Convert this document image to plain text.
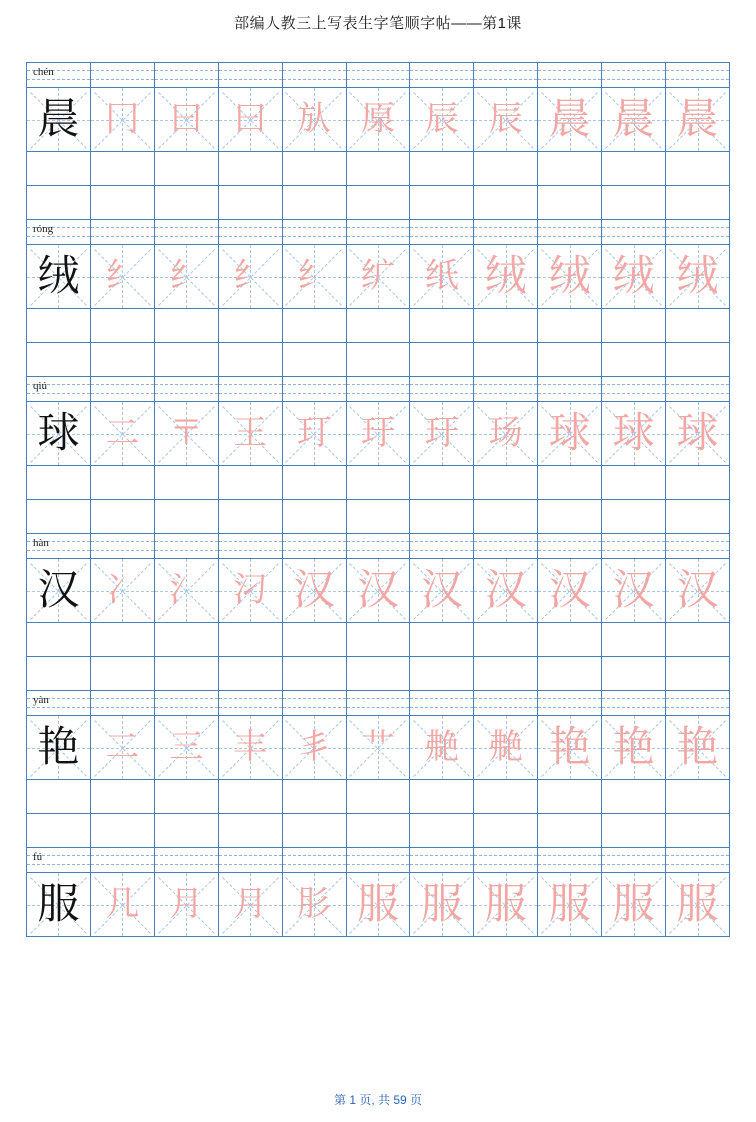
部编人教三上写表生字笔顺字帖——第1课
chén
晨 冂 曰 曰 㫃 厡 辰 辰 晨 晨 晨
róng
绒 纟 纟 纟 纟 纩 纸 绒 绒 绒 绒
qiú
球 二 〒 王 玎 玗 玗 玚 球 球 球
hàn
汉 冫 氵 汈 汉 汉 汉 汉 汉 汉 汉
yàn
艳 二 三 丰 丯 艹 艴 艴 艳 艳 艳
fú
服 几 月 月 肜 服 服 服 服 服 服
第 1 页, 共 59 页
